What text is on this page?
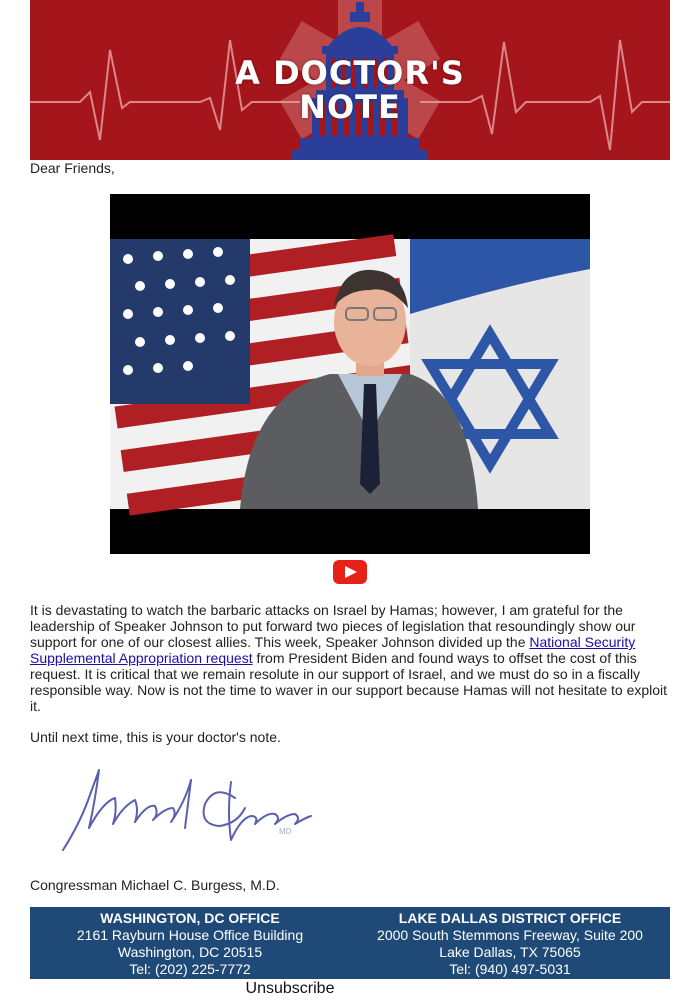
A DOCTOR'S
NOTE
Dear Friends,
It is devastating to watch the barbaric attacks on Israel by Hamas; however, I am grateful for the leadership of Speaker Johnson to put forward two pieces of legislation that resoundingly show our support for one of our closest allies. This week, Speaker Johnson divided up the National Security Supplemental Appropriation request from President Biden and found ways to offset the cost of this request. It is critical that we remain resolute in our support of Israel, and we must do so in a fiscally responsible way. Now is not the time to waver in our support because Hamas will not hesitate to exploit it.
Until next time, this is your doctor's note.
MD
Congressman Michael C. Burgess, M.D.
WASHINGTON, DC OFFICE
2161 Rayburn House Office Building
Washington, DC 20515
Tel: (202) 225-7772
LAKE DALLAS DISTRICT OFFICE
2000 South Stemmons Freeway, Suite 200
Lake Dallas, TX 75065
Tel: (940) 497-5031
Unsubscribe
